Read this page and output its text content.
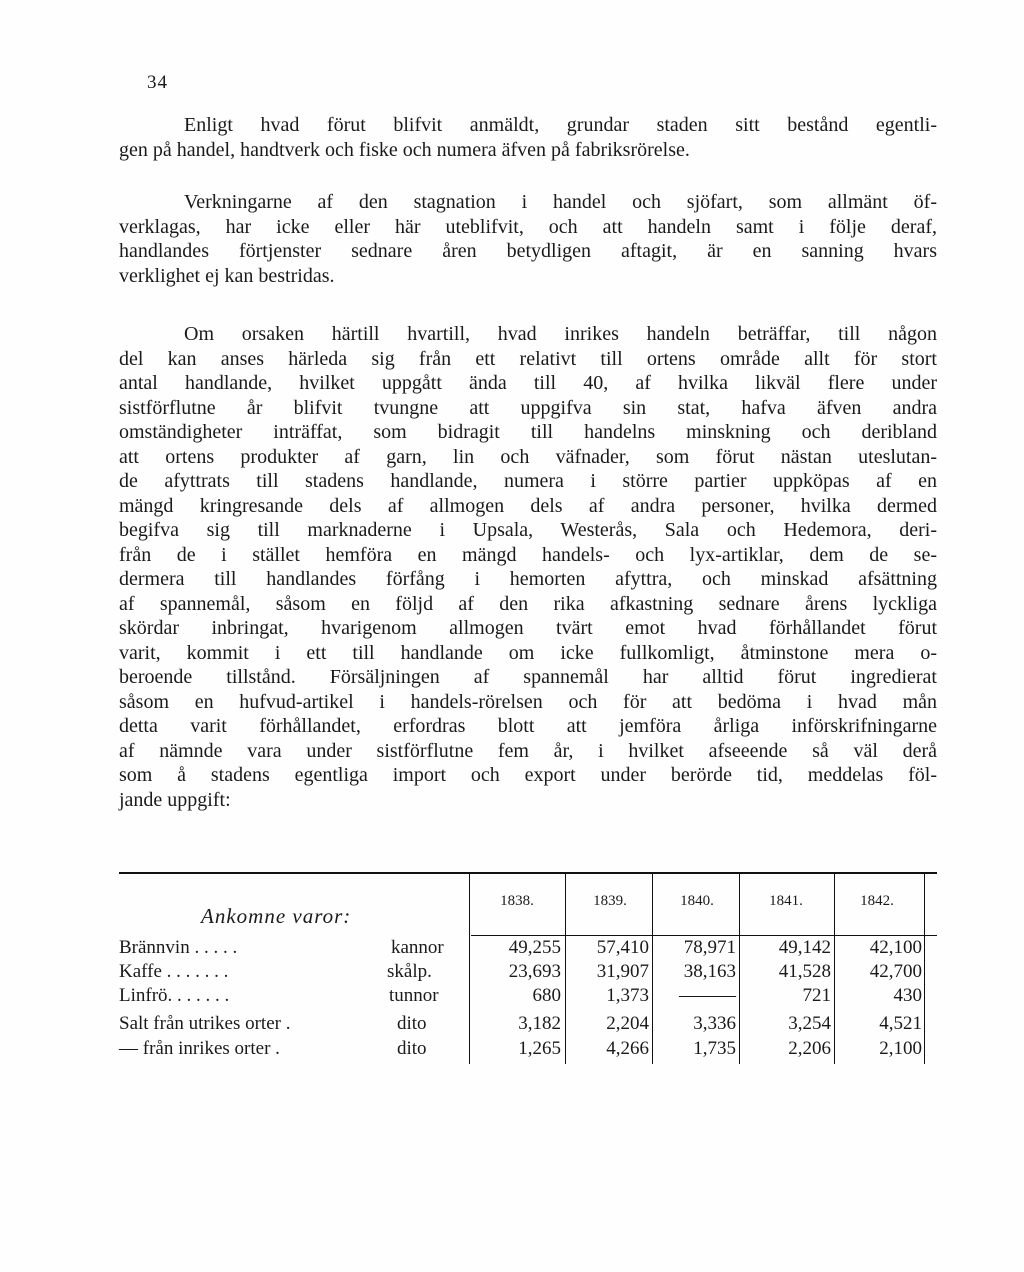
34
Enligt hvad förut blifvit anmäldt, grundar staden sitt bestånd egentli-
gen på handel, handtverk och fiske och numera äfven på fabriksrörelse.
Verkningarne af den stagnation i handel och sjöfart, som allmänt öf-
verklagas, har icke eller här uteblifvit, och att handeln samt i följe deraf,
handlandes förtjenster sednare åren betydligen aftagit, är en sanning hvars
verklighet ej kan bestridas.
Om orsaken härtill hvartill, hvad inrikes handeln beträffar, till någon
del kan anses härleda sig från ett relativt till ortens område allt för stort
antal handlande, hvilket uppgått ända till 40, af hvilka likväl flere under
sistförflutne år blifvit tvungne att uppgifva sin stat, hafva äfven andra
omständigheter inträffat, som bidragit till handelns minskning och deribland
att ortens produkter af garn, lin och väfnader, som förut nästan uteslutan-
de afyttrats till stadens handlande, numera i större partier uppköpas af en
mängd kringresande dels af allmogen dels af andra personer, hvilka dermed
begifva sig till marknaderne i Upsala, Westerås, Sala och Hedemora, deri-
från de i stället hemföra en mängd handels- och lyx-artiklar, dem de se-
dermera till handlandes förfång i hemorten afyttra, och minskad afsättning
af spannemål, såsom en följd af den rika afkastning sednare årens lyckliga
skördar inbringat, hvarigenom allmogen tvärt emot hvad förhållandet förut
varit, kommit i ett till handlande om icke fullkomligt, åtminstone mera o-
beroende tillstånd. Försäljningen af spannemål har alltid förut ingredierat
såsom en hufvud-artikel i handels-rörelsen och för att bedöma i hvad mån
detta varit förhållandet, erfordras blott att jemföra årliga införskrifningarne
af nämnde vara under sistförflutne fem år, i hvilket afseeende så väl derå
som å stadens egentliga import och export under berörde tid, meddelas föl-
jande uppgift:
Ankomne varor:
1838.	1839.	1840.	1841.	1842.
Brännvin . . . . .	kannor	49,255	57,410	78,971	49,142	42,100
Kaffe . . . . . . .	skålp.	23,693	31,907	38,163	41,528	42,700
Linfrö. . . . . . .	tunnor	680	1,373	———	721	430
Salt från utrikes orter .	dito	3,182	2,204	3,336	3,254	4,521
— från inrikes orter .	dito	1,265	4,266	1,735	2,206	2,100
